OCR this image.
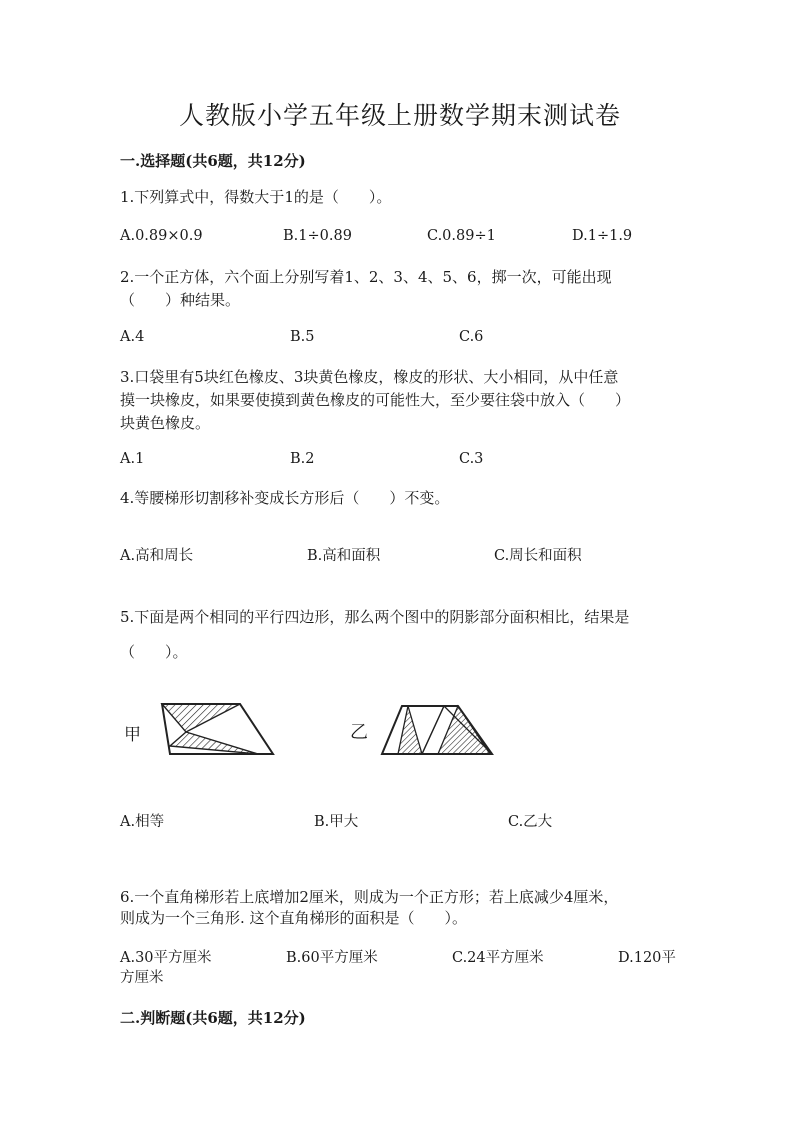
人教版小学五年级上册数学期末测试卷
一.选择题(共6题，共12分)
1.下列算式中，得数大于1的是（　　）。
A.0.89×0.9	B.1÷0.89	C.0.89÷1	D.1÷1.9
2.一个正方体，六个面上分别写着1、2、3、4、5、6，掷一次，可能出现
（　　）种结果。
A.4	B.5	C.6
3.口袋里有5块红色橡皮、3块黄色橡皮，橡皮的形状、大小相同，从中任意
摸一块橡皮，如果要使摸到黄色橡皮的可能性大，至少要往袋中放入（　　）
块黄色橡皮。
A.1	B.2	C.3
4.等腰梯形切割移补变成长方形后（　　）不变。
A.高和周长	B.高和面积	C.周长和面积
5.下面是两个相同的平行四边形，那么两个图中的阴影部分面积相比，结果是
（　　）。
甲	乙
A.相等	B.甲大	C.乙大
6.一个直角梯形若上底增加2厘米，则成为一个正方形；若上底减少4厘米，
则成为一个三角形. 这个直角梯形的面积是（　　）。
A.30平方厘米	B.60平方厘米	C.24平方厘米	D.120平
方厘米
二.判断题(共6题，共12分)
